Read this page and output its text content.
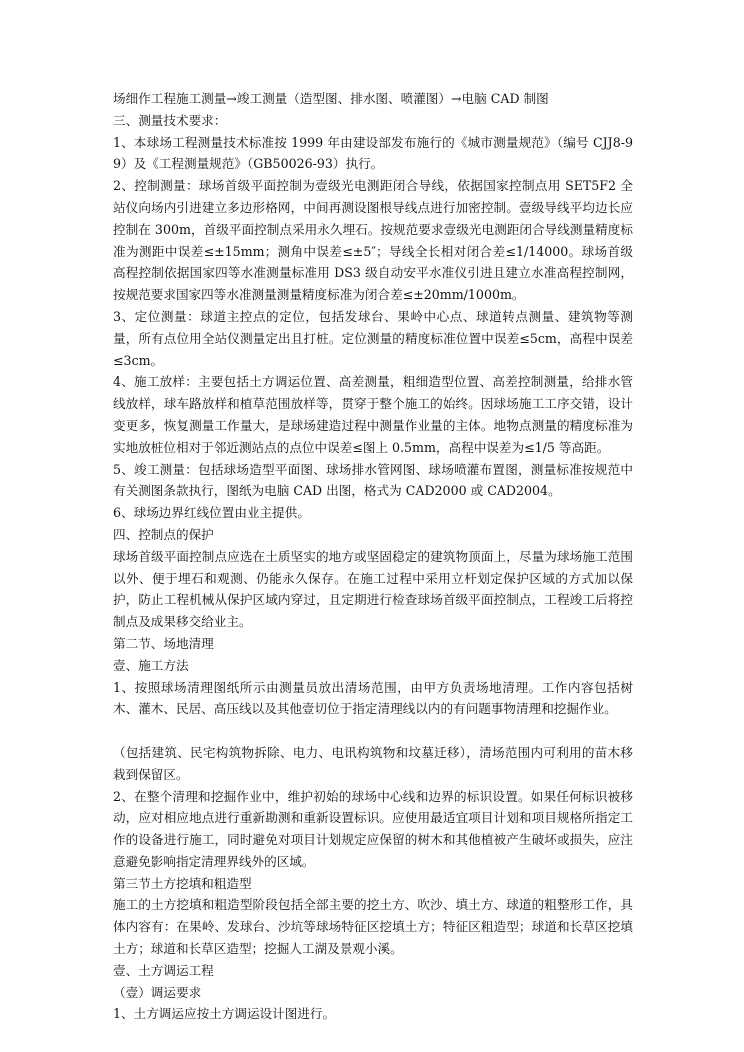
场细作工程施工测量→竣工测量（造型图、排水图、喷灌图）→电脑 CAD 制图

三、测量技术要求：

1、本球场工程测量技术标准按 1999 年由建设部发布施行的《城市测量规范》（编号 CJJ8-99）及《工程测量规范》（GB50026-93）执行。

2、控制测量：球场首级平面控制为壹级光电测距闭合导线，依据国家控制点用 SET5F2 全站仪向场内引进建立多边形格网，中间再测设图根导线点进行加密控制。壹级导线平均边长应控制在 300m，首级平面控制点采用永久埋石。按规范要求壹级光电测距闭合导线测量精度标准为测距中误差≤±15mm；测角中误差≤±5″；导线全长相对闭合差≤1/14000。球场首级高程控制依据国家四等水准测量标准用 DS3 级自动安平水准仪引进且建立水准高程控制网，按规范要求国家四等水准测量测量精度标准为闭合差≤±20mm/1000m。

3、定位测量：球道主控点的定位，包括发球台、果岭中心点、球道转点测量、建筑物等测量，所有点位用全站仪测量定出且打桩。定位测量的精度标准位置中误差≤5cm，高程中误差≤3cm。

4、施工放样：主要包括土方调运位置、高差测量，粗细造型位置、高差控制测量，给排水管线放样，球车路放样和植草范围放样等，贯穿于整个施工的始终。因球场施工工序交错，设计变更多，恢复测量工作量大，是球场建造过程中测量作业量的主体。地物点测量的精度标准为实地放桩位相对于邻近测站点的点位中误差≤图上 0.5mm，高程中误差为≤1/5 等高距。

5、竣工测量：包括球场造型平面图、球场排水管网图、球场喷灌布置图，测量标准按规范中有关测图条款执行，图纸为电脑 CAD 出图，格式为 CAD2000 或 CAD2004。

6、球场边界红线位置由业主提供。

四、控制点的保护

球场首级平面控制点应选在土质坚实的地方或坚固稳定的建筑物顶面上，尽量为球场施工范围以外、便于埋石和观测、仍能永久保存。在施工过程中采用立杆划定保护区域的方式加以保护，防止工程机械从保护区域内穿过，且定期进行检查球场首级平面控制点，工程竣工后将控制点及成果移交给业主。

第二节、场地清理

壹、施工方法

1、按照球场清理图纸所示由测量员放出清场范围，由甲方负责场地清理。工作内容包括树木、灌木、民居、高压线以及其他壹切位于指定清理线以内的有问题事物清理和挖掘作业。

（包括建筑、民宅构筑物拆除、电力、电讯构筑物和坟墓迁移），清场范围内可利用的苗木移栽到保留区。

2、在整个清理和挖掘作业中，维护初始的球场中心线和边界的标识设置。如果任何标识被移动，应对相应地点进行重新勘测和重新设置标识。应使用最适宜项目计划和项目规格所指定工作的设备进行施工，同时避免对项目计划规定应保留的树木和其他植被产生破坏或损失，应注意避免影响指定清理界线外的区域。

第三节土方挖填和粗造型

施工的土方挖填和粗造型阶段包括全部主要的挖土方、吹沙、填土方、球道的粗整形工作，具体内容有：在果岭、发球台、沙坑等球场特征区挖填土方；特征区粗造型；球道和长草区挖填土方；球道和长草区造型；挖掘人工湖及景观小溪。

壹、土方调运工程

（壹）调运要求

1、土方调运应按土方调运设计图进行。
